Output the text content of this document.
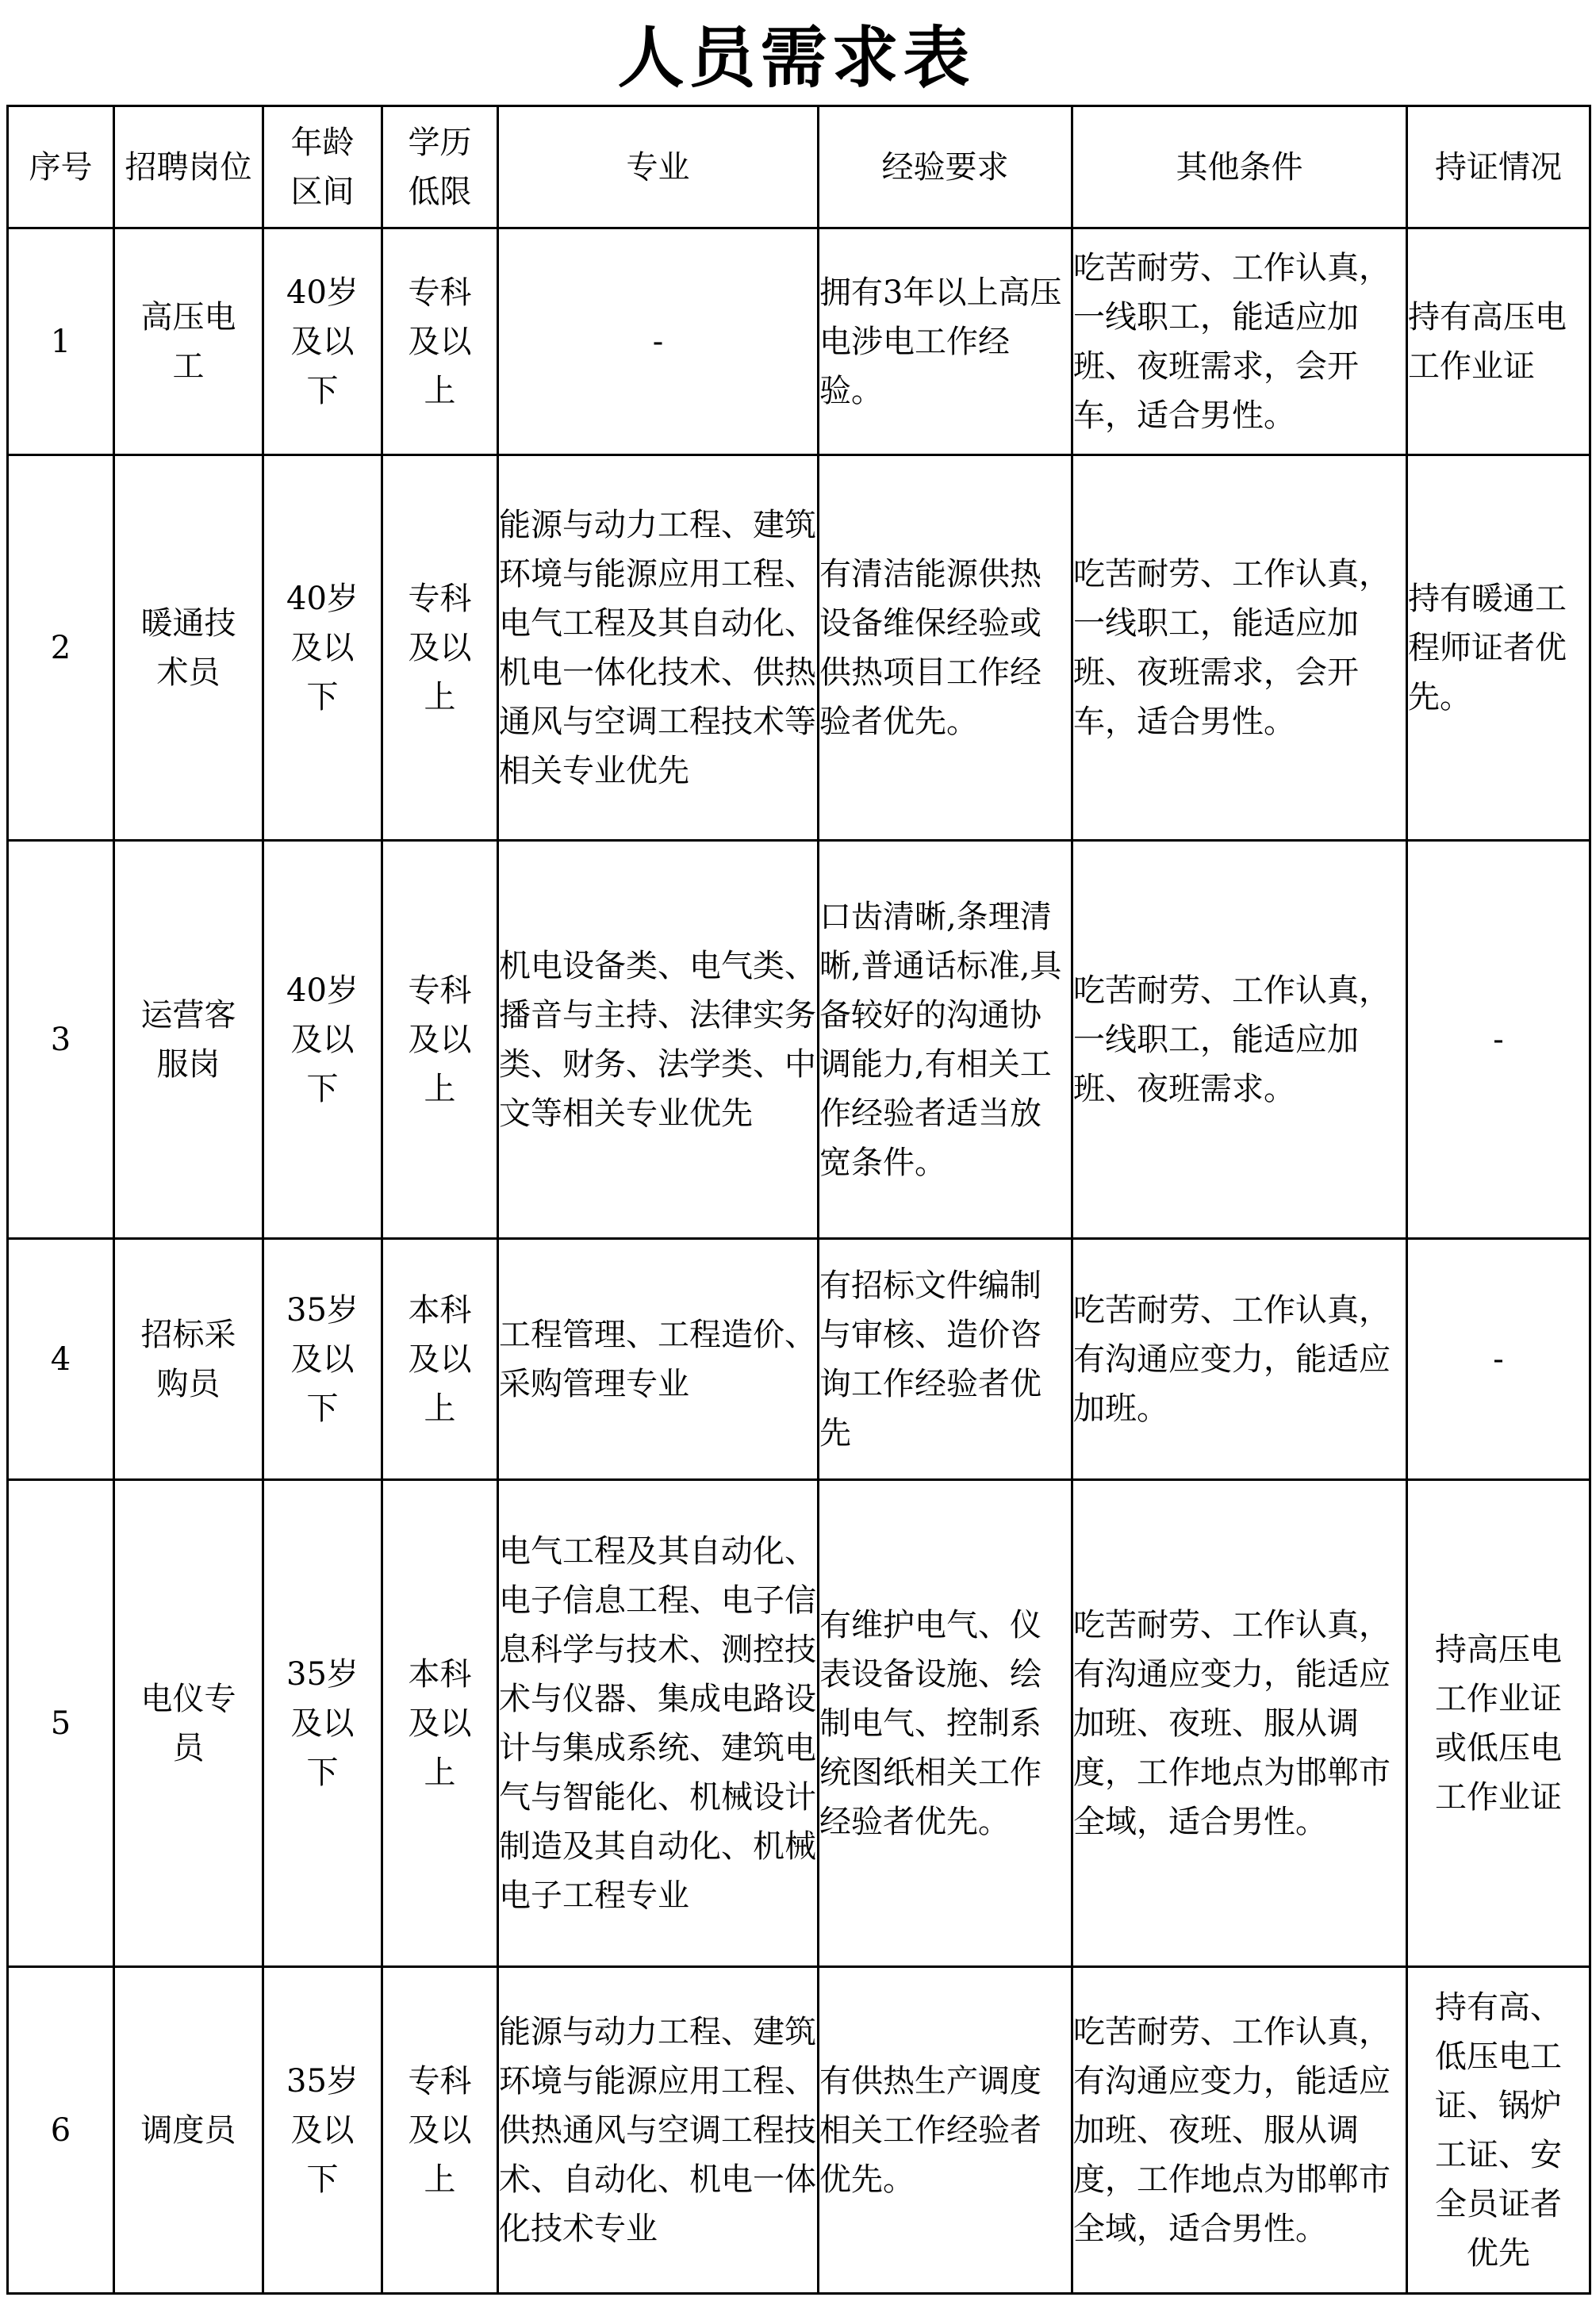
人员需求表
序号	招聘岗位	年龄区间	学历低限	专业	经验要求	其他条件	持证情况
1	高压电工	40岁及以下	专科及以上	-	拥有3年以上高压电涉电工作经验。	吃苦耐劳、工作认真，一线职工，能适应加班、夜班需求，会开车，适合男性。	持有高压电工作业证
2	暖通技术员	40岁及以下	专科及以上	能源与动力工程、建筑环境与能源应用工程、电气工程及其自动化、机电一体化技术、供热通风与空调工程技术等相关专业优先	有清洁能源供热设备维保经验或供热项目工作经验者优先。	吃苦耐劳、工作认真，一线职工，能适应加班、夜班需求，会开车，适合男性。	持有暖通工程师证者优先。
3	运营客服岗	40岁及以下	专科及以上	机电设备类、电气类、播音与主持、法律实务类、财务、法学类、中文等相关专业优先	口齿清晰,条理清晰,普通话标准,具备较好的沟通协调能力,有相关工作经验者适当放宽条件。	吃苦耐劳、工作认真，一线职工，能适应加班、夜班需求。	-
4	招标采购员	35岁及以下	本科及以上	工程管理、工程造价、采购管理专业	有招标文件编制与审核、造价咨询工作经验者优先	吃苦耐劳、工作认真，有沟通应变力，能适应加班。	-
5	电仪专员	35岁及以下	本科及以上	电气工程及其自动化、电子信息工程、电子信息科学与技术、测控技术与仪器、集成电路设计与集成系统、建筑电气与智能化、机械设计制造及其自动化、机械电子工程专业	有维护电气、仪表设备设施、绘制电气、控制系统图纸相关工作经验者优先。	吃苦耐劳、工作认真，有沟通应变力，能适应加班、夜班、服从调度，工作地点为邯郸市全域，适合男性。	持高压电工作业证或低压电工作业证

6	调度员	35岁及以下	专科及以上	能源与动力工程、建筑环境与能源应用工程、供热通风与空调工程技术、自动化、机电一体化技术专业	有供热生产调度相关工作经验者优先。	吃苦耐劳、工作认真，有沟通应变力，能适应加班、夜班、服从调度，工作地点为邯郸市全域，适合男性。	持有高、低压电工证、锅炉工证、安全员证者优先
